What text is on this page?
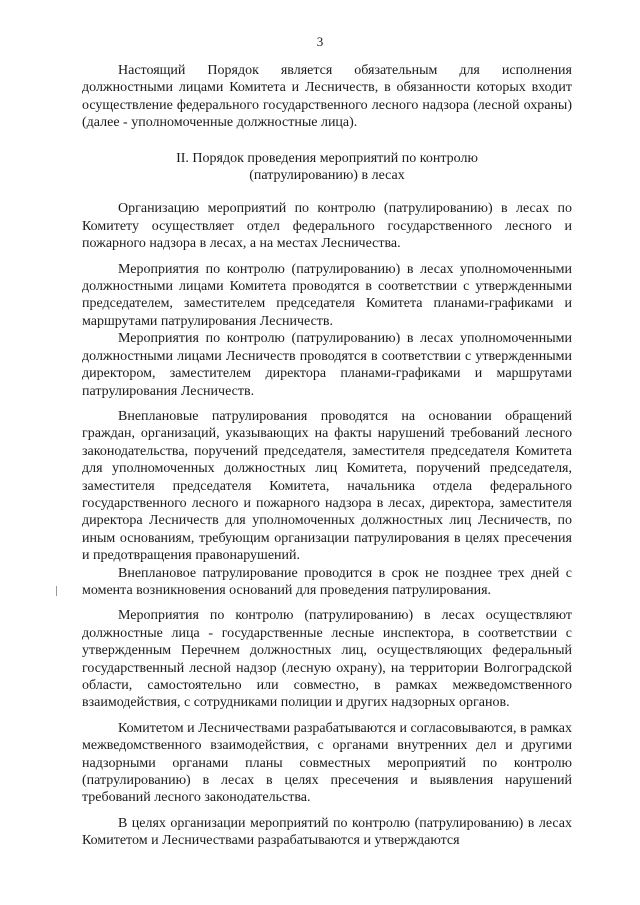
3

Настоящий Порядок является обязательным для исполнения должностными лицами Комитета и Лесничеств, в обязанности которых входит осуществление федерального государственного лесного надзора (лесной охраны) (далее - уполномоченные должностные лица).

II. Порядок проведения мероприятий по контролю
(патрулированию) в лесах

Организацию мероприятий по контролю (патрулированию) в лесах по Комитету осуществляет отдел федерального государственного лесного и пожарного надзора в лесах, а на местах Лесничества.

Мероприятия по контролю (патрулированию) в лесах уполномоченными должностными лицами Комитета проводятся в соответствии с утвержденными председателем, заместителем председателя Комитета планами-графиками и маршрутами патрулирования Лесничеств.

Мероприятия по контролю (патрулированию) в лесах уполномоченными должностными лицами Лесничеств проводятся в соответствии с утвержденными директором, заместителем директора планами-графиками и маршрутами патрулирования Лесничеств.

Внеплановые патрулирования проводятся на основании обращений граждан, организаций, указывающих на факты нарушений требований лесного законодательства, поручений председателя, заместителя председателя Комитета для уполномоченных должностных лиц Комитета, поручений председателя, заместителя председателя Комитета, начальника отдела федерального государственного лесного и пожарного надзора в лесах, директора, заместителя директора Лесничеств для уполномоченных должностных лиц Лесничеств, по иным основаниям, требующим организации патрулирования в целях пресечения и предотвращения правонарушений.

Внеплановое патрулирование проводится в срок не позднее трех дней с момента возникновения оснований для проведения патрулирования.

Мероприятия по контролю (патрулированию) в лесах осуществляют должностные лица - государственные лесные инспектора, в соответствии с утвержденным Перечнем должностных лиц, осуществляющих федеральный государственный лесной надзор (лесную охрану), на территории Волгоградской области, самостоятельно или совместно, в рамках межведомственного взаимодействия, с сотрудниками полиции и других надзорных органов.

Комитетом и Лесничествами разрабатываются и согласовываются, в рамках межведомственного взаимодействия, с органами внутренних дел и другими надзорными органами планы совместных мероприятий по контролю (патрулированию) в лесах в целях пресечения и выявления нарушений требований лесного законодательства.

В целях организации мероприятий по контролю (патрулированию) в лесах Комитетом и Лесничествами разрабатываются и утверждаются
